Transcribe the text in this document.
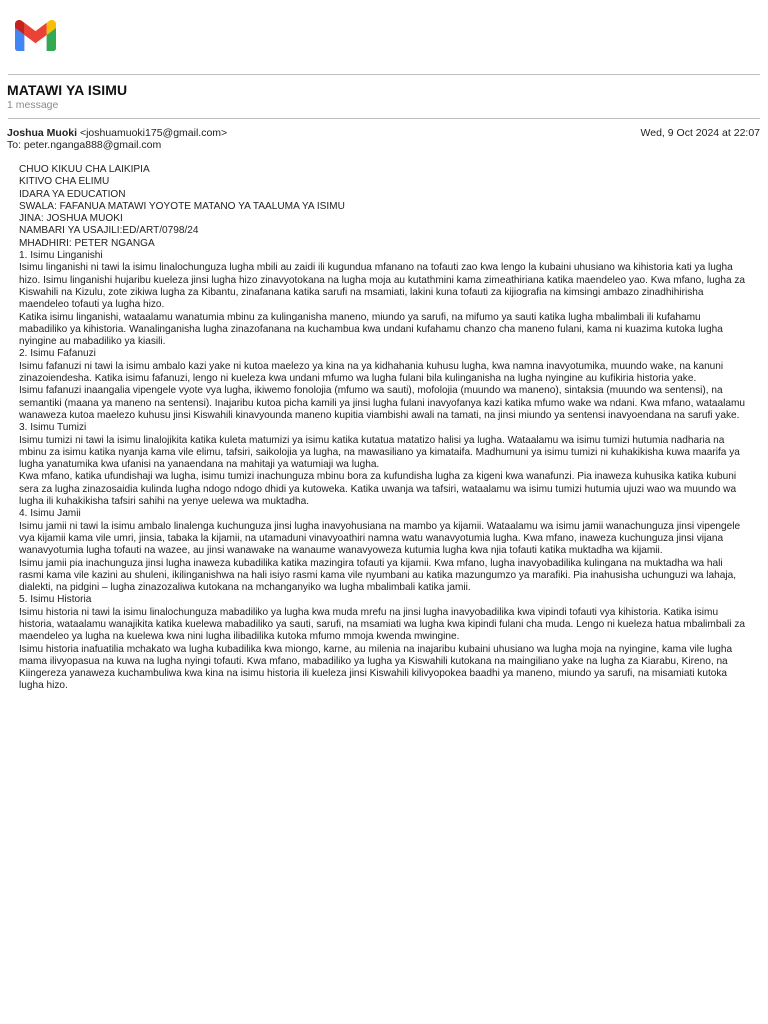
MATAWI YA ISIMU
1 message
Joshua Muoki <joshuamuoki175@gmail.com>
To: peter.nganga888@gmail.com
Wed, 9 Oct 2024 at 22:07
CHUO KIKUU CHA LAIKIPIA
KITIVO CHA ELIMU
IDARA YA EDUCATION
SWALA: FAFANUA MATAWI YOYOTE MATANO YA TAALUMA YA ISIMU
JINA: JOSHUA MUOKI
NAMBARI YA USAJILI:ED/ART/0798/24
MHADHIRI: PETER NGANGA

1. Isimu Linganishi

Isimu linganishi ni tawi la isimu linalochunguza lugha mbili au zaidi ili kugundua mfanano na tofauti zao kwa lengo la kubaini uhusiano wa kihistoria kati ya lugha hizo. Isimu linganishi hujaribu kueleza jinsi lugha hizo zinavyotokana na lugha moja au kutathmini kama zimeathiriana katika maendeleo yao. Kwa mfano, lugha za Kiswahili na Kizulu, zote zikiwa lugha za Kibantu, zinafanana katika sarufi na msamiati, lakini kuna tofauti za kijiografia na kimsingi ambazo zinadhihirisha maendeleo tofauti ya lugha hizo.

Katika isimu linganishi, wataalamu wanatumia mbinu za kulinganisha maneno, miundo ya sarufi, na mifumo ya sauti katika lugha mbalimbali ili kufahamu mabadiliko ya kihistoria. Wanalinganisha lugha zinazofanana na kuchambua kwa undani kufahamu chanzo cha maneno fulani, kama ni kuazima kutoka lugha nyingine au mabadiliko ya kiasili.

2. Isimu Fafanuzi

Isimu fafanuzi ni tawi la isimu ambalo kazi yake ni kutoa maelezo ya kina na ya kidhahania kuhusu lugha, kwa namna inavyotumika, muundo wake, na kanuni zinazoiendesha. Katika isimu fafanuzi, lengo ni kueleza kwa undani mfumo wa lugha fulani bila kulinganisha na lugha nyingine au kufikiria historia yake.

Isimu fafanuzi inaangalia vipengele vyote vya lugha, ikiwemo fonolojia (mfumo wa sauti), mofolojia (muundo wa maneno), sintaksia (muundo wa sentensi), na semantiki (maana ya maneno na sentensi). Inajaribu kutoa picha kamili ya jinsi lugha fulani inavyofanya kazi katika mfumo wake wa ndani. Kwa mfano, wataalamu wanaweza kutoa maelezo kuhusu jinsi Kiswahili kinavyounda maneno kupitia viambishi awali na tamati, na jinsi miundo ya sentensi inavyoendana na sarufi yake.

3. Isimu Tumizi

Isimu tumizi ni tawi la isimu linalojikita katika kuleta matumizi ya isimu katika kutatua matatizo halisi ya lugha. Wataalamu wa isimu tumizi hutumia nadharia na mbinu za isimu katika nyanja kama vile elimu, tafsiri, saikolojia ya lugha, na mawasiliano ya kimataifa. Madhumuni ya isimu tumizi ni kuhakikisha kuwa maarifa ya lugha yanatumika kwa ufanisi na yanaendana na mahitaji ya watumiaji wa lugha.

Kwa mfano, katika ufundishaji wa lugha, isimu tumizi inachunguza mbinu bora za kufundisha lugha za kigeni kwa wanafunzi. Pia inaweza kuhusika katika kubuni sera za lugha zinazosaidia kulinda lugha ndogo ndogo dhidi ya kutoweka. Katika uwanja wa tafsiri, wataalamu wa isimu tumizi hutumia ujuzi wao wa muundo wa lugha ili kuhakikisha tafsiri sahihi na yenye uelewa wa muktadha.

4. Isimu Jamii

Isimu jamii ni tawi la isimu ambalo linalenga kuchunguza jinsi lugha inavyohusiana na mambo ya kijamii. Wataalamu wa isimu jamii wanachunguza jinsi vipengele vya kijamii kama vile umri, jinsia, tabaka la kijamii, na utamaduni vinavyoathiri namna watu wanavyotumia lugha. Kwa mfano, inaweza kuchunguza jinsi vijana wanavyotumia lugha tofauti na wazee, au jinsi wanawake na wanaume wanavyoweza kutumia lugha kwa njia tofauti katika muktadha wa kijamii.

Isimu jamii pia inachunguza jinsi lugha inaweza kubadilika katika mazingira tofauti ya kijamii. Kwa mfano, lugha inavyobadilika kulingana na muktadha wa hali rasmi kama vile kazini au shuleni, ikilinganishwa na hali isiyo rasmi kama vile nyumbani au katika mazungumzo ya marafiki. Pia inahusisha uchunguzi wa lahaja, dialekti, na pidgini – lugha zinazozaliwa kutokana na mchanganyiko wa lugha mbalimbali katika jamii.

5. Isimu Historia

Isimu historia ni tawi la isimu linalochunguza mabadiliko ya lugha kwa muda mrefu na jinsi lugha inavyobadilika kwa vipindi tofauti vya kihistoria. Katika isimu historia, wataalamu wanajikita katika kuelewa mabadiliko ya sauti, sarufi, na msamiati wa lugha kwa kipindi fulani cha muda. Lengo ni kueleza hatua mbalimbali za maendeleo ya lugha na kuelewa kwa nini lugha ilibadilika kutoka mfumo mmoja kwenda mwingine.

Isimu historia inafuatilia mchakato wa lugha kubadilika kwa miongo, karne, au milenia na inajaribu kubaini uhusiano wa lugha moja na nyingine, kama vile lugha mama ilivyopasua na kuwa na lugha nyingi tofauti. Kwa mfano, mabadiliko ya lugha ya Kiswahili kutokana na maingiliano yake na lugha za Kiarabu, Kireno, na Kiingereza yanaweza kuchambuliwa kwa kina na isimu historia ili kueleza jinsi Kiswahili kilivyopokea baadhi ya maneno, miundo ya sarufi, na misamiati kutoka lugha hizo.
